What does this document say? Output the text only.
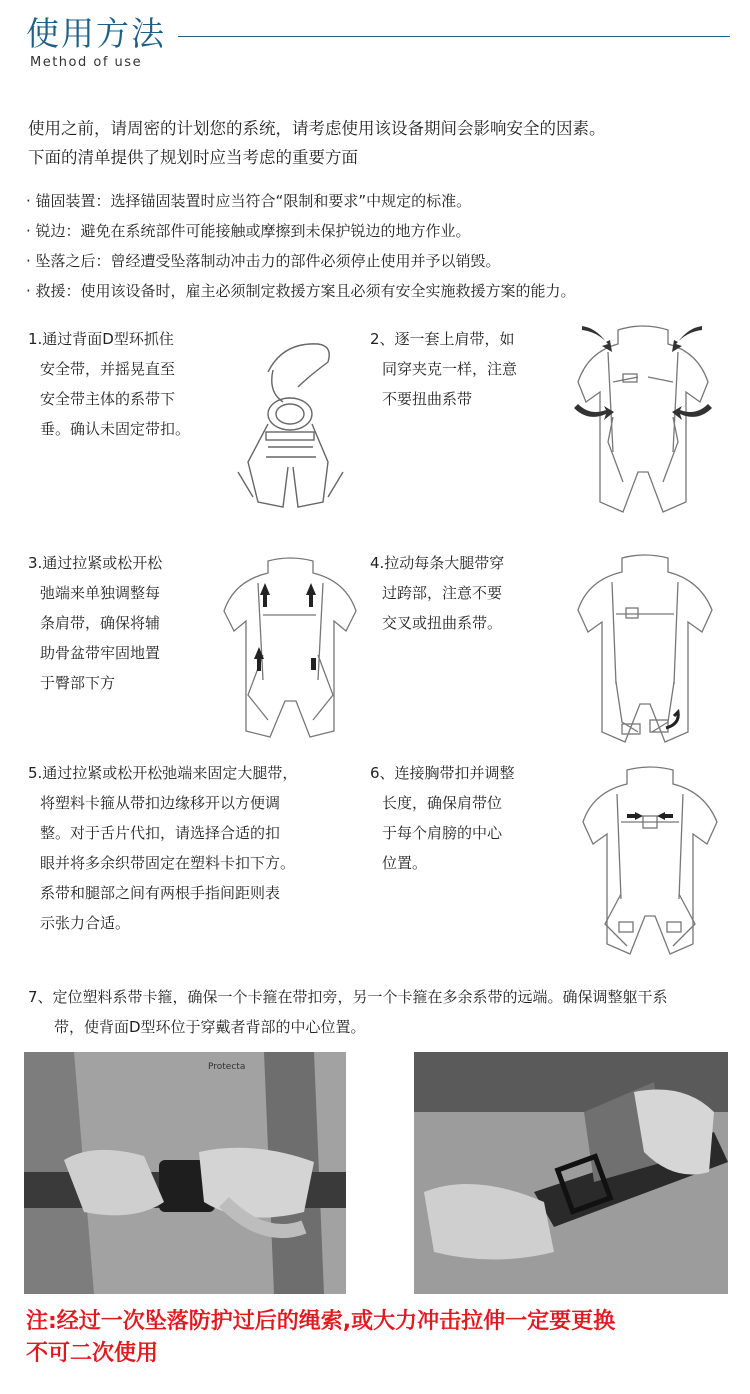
使用方法
Method of use
使用之前，请周密的计划您的系统，请考虑使用该设备期间会影响安全的因素。
下面的清单提供了规划时应当考虑的重要方面
· 锚固装置：选择锚固装置时应当符合“限制和要求”中规定的标准。
· 锐边：避免在系统部件可能接触或摩擦到未保护锐边的地方作业。
· 坠落之后：曾经遭受坠落制动冲击力的部件必须停止使用并予以销毁。
· 救援：使用该设备时，雇主必须制定救援方案且必须有安全实施救援方案的能力。
1.通过背面D型环抓住
安全带，并摇晃直至
安全带主体的系带下
垂。确认未固定带扣。
2、逐一套上肩带，如
同穿夹克一样，注意
不要扭曲系带
3.通过拉紧或松开松
弛端来单独调整每
条肩带，确保将辅
助骨盆带牢固地置
于臀部下方
4.拉动每条大腿带穿
过跨部，注意不要
交叉或扭曲系带。
5.通过拉紧或松开松弛端来固定大腿带，
将塑料卡箍从带扣边缘移开以方便调
整。对于舌片代扣，请选择合适的扣
眼并将多余织带固定在塑料卡扣下方。
系带和腿部之间有两根手指间距则表
示张力合适。
6、连接胸带扣并调整
长度，确保肩带位
于每个肩膀的中心
位置。
7、定位塑料系带卡箍，确保一个卡箍在带扣旁，另一个卡箍在多余系带的远端。确保调整躯干系
带，使背面D型环位于穿戴者背部的中心位置。
Protecta
注:经过一次坠落防护过后的绳索,或大力冲击拉伸一定要更换
不可二次使用
